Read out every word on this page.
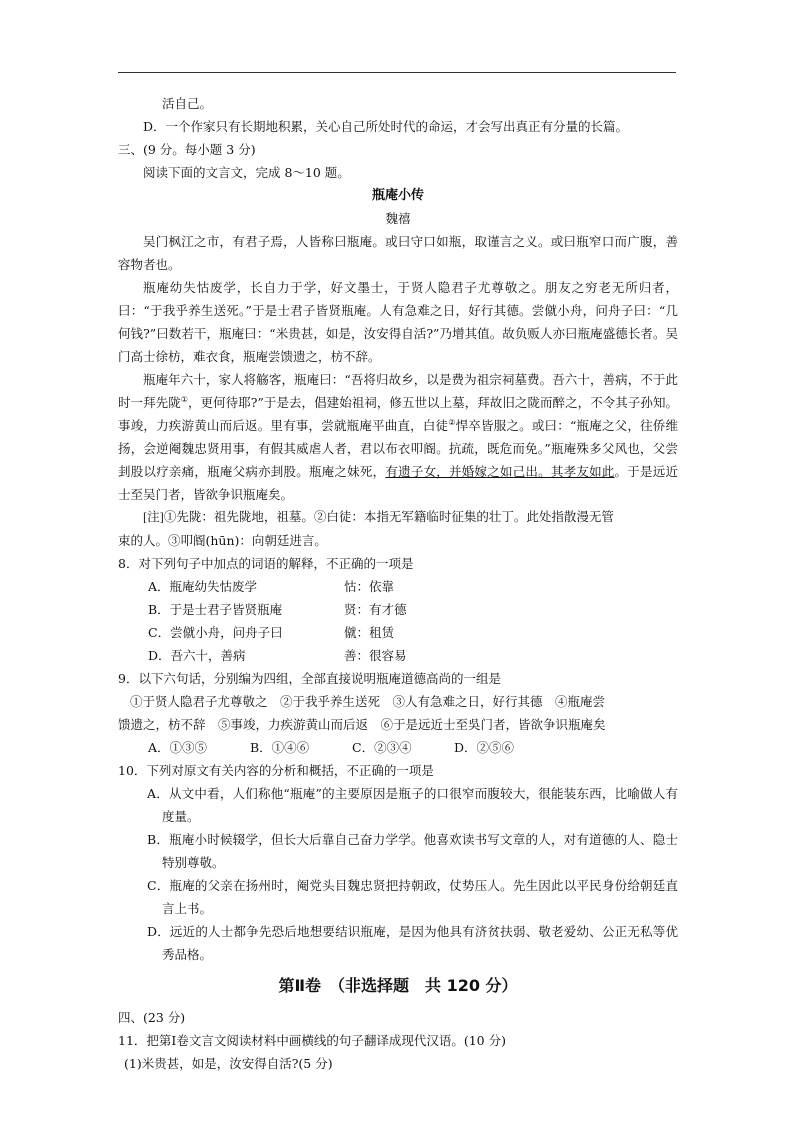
活自己。

D．一个作家只有长期地积累，关心自己所处时代的命运，才会写出真正有分量的长篇。

三、(9 分。每小题 3 分)

阅读下面的文言文，完成 8～10 题。

瓶庵小传

魏禧

吴门枫江之市，有君子焉，人皆称曰瓶庵。或曰守口如瓶，取谨言之义。或曰瓶窄口而广腹，善容物者也。

瓶庵幼失怙废学，长自力于学，好文墨士，于贤人隐君子尤尊敬之。朋友之穷老无所归者，曰：“于我乎养生送死。”于是士君子皆贤瓶庵。人有急难之日，好行其德。尝僦小舟，问舟子曰：“几何钱?”曰数若干，瓶庵曰：“米贵甚，如是，汝安得自活?”乃增其值。故负贩人亦曰瓶庵盛德长者。吴门高士徐枋，难衣食，瓶庵尝馈遗之，枋不辞。

瓶庵年六十，家人将觞客，瓶庵曰：“吾将归故乡，以是费为祖宗祠墓费。吾六十，善病，不于此时一拜先陇①，更何待耶?”于是去，倡建始祖祠，修五世以上墓，拜故旧之陇而醉之，不令其子孙知。事竣，力疾游黄山而后返。里有事，尝就瓶庵平曲直，白徒②悍卒皆服之。或曰：“瓶庵之父，往侨维扬，会逆阉魏忠贤用事，有假其威虐人者，君以布衣叩阍。抗疏，既危而免。”瓶庵殊多父风也，父尝刲股以疗亲痛，瓶庵父病亦刲股。瓶庵之妹死，有遗子女，并婚嫁之如己出。其孝友如此。于是远近士至吴门者，皆欲争识瓶庵矣。

[注]①先陇：祖先陇地，祖墓。②白徒：本指无军籍临时征集的壮丁。此处指散漫无管

束的人。③叩阍(hūn)：向朝廷进言。

8．对下列句子中加点的词语的解释，不正确的一项是

A．瓶庵幼失怙废学	怙：依靠
B．于是士君子皆贤瓶庵	贤：有才德
C．尝僦小舟，问舟子曰	僦：租赁
D．吾六十，善病	善：很容易

9．以下六句话，分别编为四组，全部直接说明瓶庵道德高尚的一组是

①于贤人隐君子尤尊敬之　②于我乎养生送死　③人有急难之日，好行其德　④瓶庵尝

馈遗之，枋不辞　⑤事竣，力疾游黄山而后返　⑥于是远近士至吳门者，皆欲争识瓶庵矣

A．①③⑤	B．①④⑥	C．②③④	D．②⑤⑥

10．下列对原文有关内容的分析和概括，不正确的一项是

A．从文中看，人们称他“瓶庵”的主要原因是瓶子的口很窄而腹较大，很能装东西，比喻做人有度量。

B．瓶庵小时候辍学，但长大后靠自己奋力学学。他喜欢读书写文章的人，对有道德的人、隐士特别尊敬。

C．瓶庵的父亲在扬州时，阉党头目魏忠贤把持朝政，仗势压人。先生因此以平民身份给朝廷直言上书。

D．远近的人士都争先恐后地想要结识瓶庵，是因为他具有济贫扶弱、敬老爱幼、公正无私等优秀品格。

第Ⅱ卷　（非选择题　共 120 分）

四、(23 分)

11．把第Ⅰ卷文言文阅读材料中画横线的句子翻译成现代汉语。(10 分)

(1)米贵甚，如是，汝安得自活?(5 分)
